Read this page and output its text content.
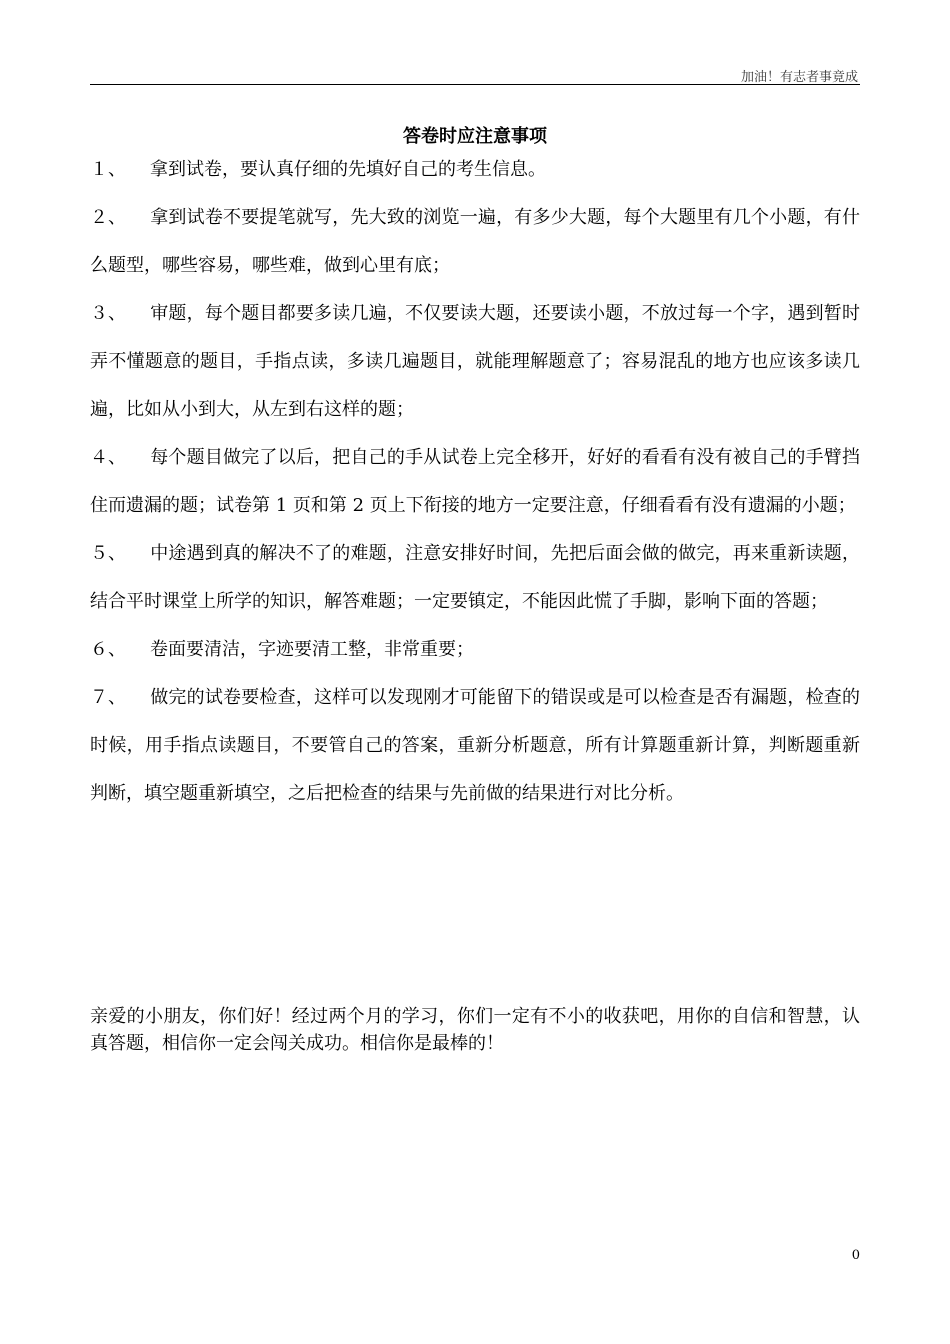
加油！有志者事竟成
答卷时应注意事项

１、 拿到试卷，要认真仔细的先填好自己的考生信息。

２、 拿到试卷不要提笔就写，先大致的浏览一遍，有多少大题，每个大题里有几个小题，有什么题型，哪些容易，哪些难，做到心里有底；

３、 审题，每个题目都要多读几遍，不仅要读大题，还要读小题，不放过每一个字，遇到暂时弄不懂题意的题目，手指点读，多读几遍题目，就能理解题意了；容易混乱的地方也应该多读几遍，比如从小到大，从左到右这样的题；

４、 每个题目做完了以后，把自己的手从试卷上完全移开，好好的看看有没有被自己的手臂挡住而遗漏的题；试卷第 1 页和第 2 页上下衔接的地方一定要注意，仔细看看有没有遗漏的小题；

５、 中途遇到真的解决不了的难题，注意安排好时间，先把后面会做的做完，再来重新读题，结合平时课堂上所学的知识，解答难题；一定要镇定，不能因此慌了手脚，影响下面的答题；

６、 卷面要清洁，字迹要清工整，非常重要；

７、 做完的试卷要检查，这样可以发现刚才可能留下的错误或是可以检查是否有漏题，检查的时候，用手指点读题目，不要管自己的答案，重新分析题意，所有计算题重新计算，判断题重新判断，填空题重新填空，之后把检查的结果与先前做的结果进行对比分析。

亲爱的小朋友，你们好！经过两个月的学习，你们一定有不小的收获吧，用你的自信和智慧，认真答题，相信你一定会闯关成功。相信你是最棒的！
0
